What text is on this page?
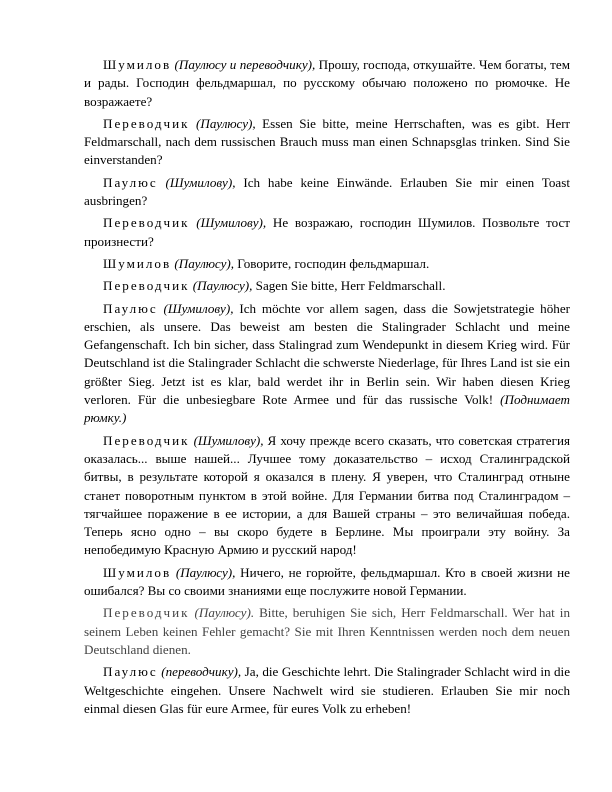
Шумилов (Паулюсу и переводчику), Прошу, господа, откушайте. Чем богаты, тем и рады. Господин фельдмаршал, по русскому обычаю положено по рюмочке. Не возражаете?

Переводчик (Паулюсу), Essen Sie bitte, meine Herrschaften, was es gibt. Herr Feldmarschall, nach dem russischen Brauch muss man einen Schnapsglas trinken. Sind Sie einverstanden?

Паулюс (Шумилову), Ich habe keine Einwände. Erlauben Sie mir einen Toast ausbringen?

Переводчик (Шумилову), Не возражаю, господин Шумилов. Позвольте тост произнести?

Шумилов (Паулюсу), Говорите, господин фельдмаршал.

Переводчик (Паулюсу), Sagen Sie bitte, Herr Feldmarschall.

Паулюс (Шумилову), Ich möchte vor allem sagen, dass die Sowjetstrategie höher erschien, als unsere. Das beweist am besten die Stalingrader Schlacht und meine Gefangenschaft. Ich bin sicher, dass Stalingrad zum Wendepunkt in diesem Krieg wird. Für Deutschland ist die Stalingrader Schlacht die schwerste Niederlage, für Ihres Land ist sie ein größter Sieg. Jetzt ist es klar, bald werdet ihr in Berlin sein. Wir haben diesen Krieg verloren. Für die unbesiegbare Rote Armee und für das russische Volk! (Поднимает рюмку.)

Переводчик (Шумилову), Я хочу прежде всего сказать, что советская стратегия оказалась... выше нашей... Лучшее тому доказательство – исход Сталинградской битвы, в результате которой я оказался в плену. Я уверен, что Сталинград отныне станет поворотным пунктом в этой войне. Для Германии битва под Сталинградом – тягчайшее поражение в ее истории, а для Вашей страны – это величайшая победа. Теперь ясно одно – вы скоро будете в Берлине. Мы проиграли эту войну. За непобедимую Красную Армию и русский народ!

Шумилов (Паулюсу), Ничего, не горюйте, фельдмаршал. Кто в своей жизни не ошибался? Вы со своими знаниями еще послужите новой Германии.

Переводчик (Паулюсу). Bitte, beruhigen Sie sich, Herr Feldmarschall. Wer hat in seinem Leben keinen Fehler gemacht? Sie mit Ihren Kenntnissen werden noch dem neuen Deutschland dienen.

Паулюс (переводчику), Ja, die Geschichte lehrt. Die Stalingrader Schlacht wird in die Weltgeschichte eingehen. Unsere Nachwelt wird sie studieren. Erlauben Sie mir noch einmal diesen Glas für eure Armee, für eures Volk zu erheben!
